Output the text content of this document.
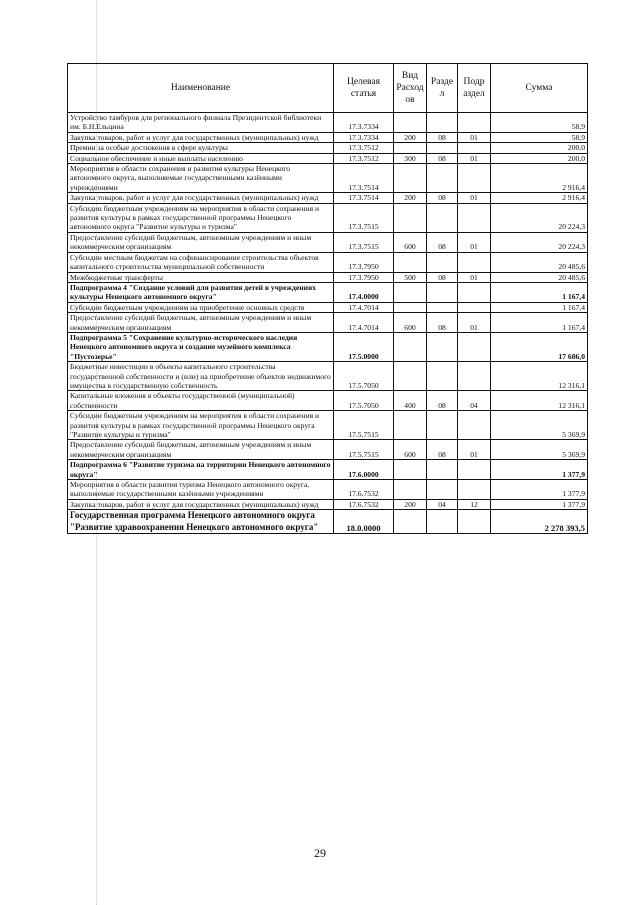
Наименование	Целевая статья	Вид Расход ов	Разде л	Подр аздел	Сумма
Устройство тамбуров для регионального филиала Президентской библиотеки им. Б.Н.Ельцина	17.3.7334				58,9
Закупка товаров, работ и услуг для государственных (муниципальных) нужд	17.3.7334	200	08	01	58,9
Премии за особые достижения в сфере культуры	17.3.7512				200,0
Социальное обеспечение и иные выплаты населению	17.3.7512	300	08	01	200,0
Мероприятия в области сохранения и развития культуры Ненецкого автономного округа, выполняемые государственными казёнными учреждениями	17.3.7514				2 916,4
Закупка товаров, работ и услуг для государственных (муниципальных) нужд	17.3.7514	200	08	01	2 916,4
Субсидии бюджетным учреждениям на мероприятия в области сохранения и развития культуры в рамках государственной программы Ненецкого автономного округа "Развитие культуры и туризма"	17.3.7515				20 224,3
Предоставление субсидий бюджетным, автономным учреждениям и иным некоммерческим организациям	17.3.7515	600	08	01	20 224,3
Субсидии местным бюджетам на софинансирование строительства объектов капитального строительства муниципальной собственности	17.3.7950				20 485,6
Межбюджетные трансферты	17.3.7950	500	08	01	20 485,6
Подпрограмма 4 "Создание условий для развития детей в учреждениях культуры Ненецкого автономного округа"	17.4.0000				1 167,4
Субсидии бюджетным учреждениям на приобретение основных средств	17.4.7014				1 167,4
Предоставление субсидий бюджетным, автономным учреждениям и иным некоммерческим организациям	17.4.7014	600	08	01	1 167,4
Подпрограмма 5 "Сохранение культурно-исторического наследия Ненецкого автономного округа и создание музейного комплекса "Пустозерье"	17.5.0000				17 686,0
Бюджетные инвестиции в объекты капитального строительства государственной собственности и (или) на приобретение объектов недвижимого имущества в государственную собственность	17.5.7050				12 316,1
Капитальные вложения в объекты государственной (муниципальной) собственности	17.5.7050	400	08	04	12 316,1
Субсидии бюджетным учреждениям на мероприятия в области сохранения и развития культуры в рамках государственной программы Ненецкого округа "Развитие культуры и туризма"	17.5.7515				5 369,9
Предоставление субсидий бюджетным, автономным учреждениям и иным некоммерческим организациям	17.5.7515	600	08	01	5 369,9
Подпрограмма 6 "Развитие туризма на территории Ненецкого автономного округа"	17.6.0000				1 377,9
Мероприятия в области развития туризма Ненецкого автономного округа, выполняемые государственными казёнными учреждениями	17.6.7532				1 377,9
Закупка товаров, работ и услуг для государственных (муниципальных) нужд	17.6.7532	200	04	12	1 377,9
Государственная программа Ненецкого автономного округа "Развитие здравоохранения Ненецкого автономного округа"	18.0.0000				2 278 393,5
29
